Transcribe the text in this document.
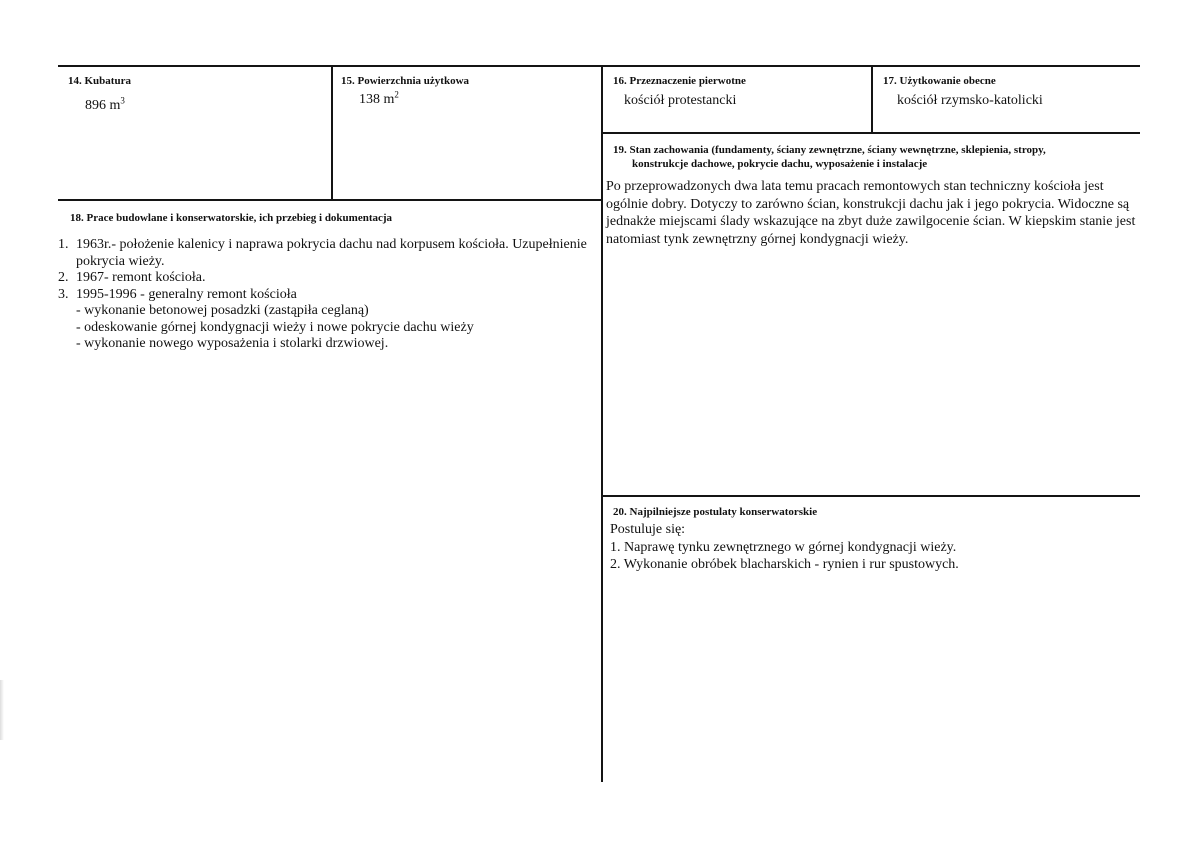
14. Kubatura
896 $m^3$
15. Powierzchnia użytkowa
138 $m^2$
16. Przeznaczenie pierwotne
kościół protestancki
17. Użytkowanie obecne
kościół rzymsko-katolicki
18. Prace budowlane i konserwatorskie, ich przebieg i dokumentacja
1. 1963r.- położenie kalenicy i naprawa pokrycia dachu nad korpusem kościoła. Uzupełnienie pokrycia wieży.
2. 1967- remont kościoła.
3. 1995-1996 - generalny remont kościoła
- wykonanie betonowej posadzki (zastąpiła ceglaną)
- odeskowanie górnej kondygnacji wieży i nowe pokrycie dachu wieży
- wykonanie nowego wyposażenia i stolarki drzwiowej.
19. Stan zachowania (fundamenty, ściany zewnętrzne, ściany wewnętrzne, sklepienia, stropy,
konstrukcje dachowe, pokrycie dachu, wyposażenie i instalacje
Po przeprowadzonych dwa lata temu pracach remontowych stan techniczny kościoła jest ogólnie dobry. Dotyczy to zarówno ścian, konstrukcji dachu jak i jego pokrycia. Widoczne są jednakże miejscami ślady wskazujące na zbyt duże zawilgocenie ścian. W kiepskim stanie jest natomiast tynk zewnętrzny górnej kondygnacji wieży.
20. Najpilniejsze postulaty konserwatorskie
Postuluje się:
1. Naprawę tynku zewnętrznego w górnej kondygnacji wieży.
2. Wykonanie obróbek blacharskich - rynien i rur spustowych.
